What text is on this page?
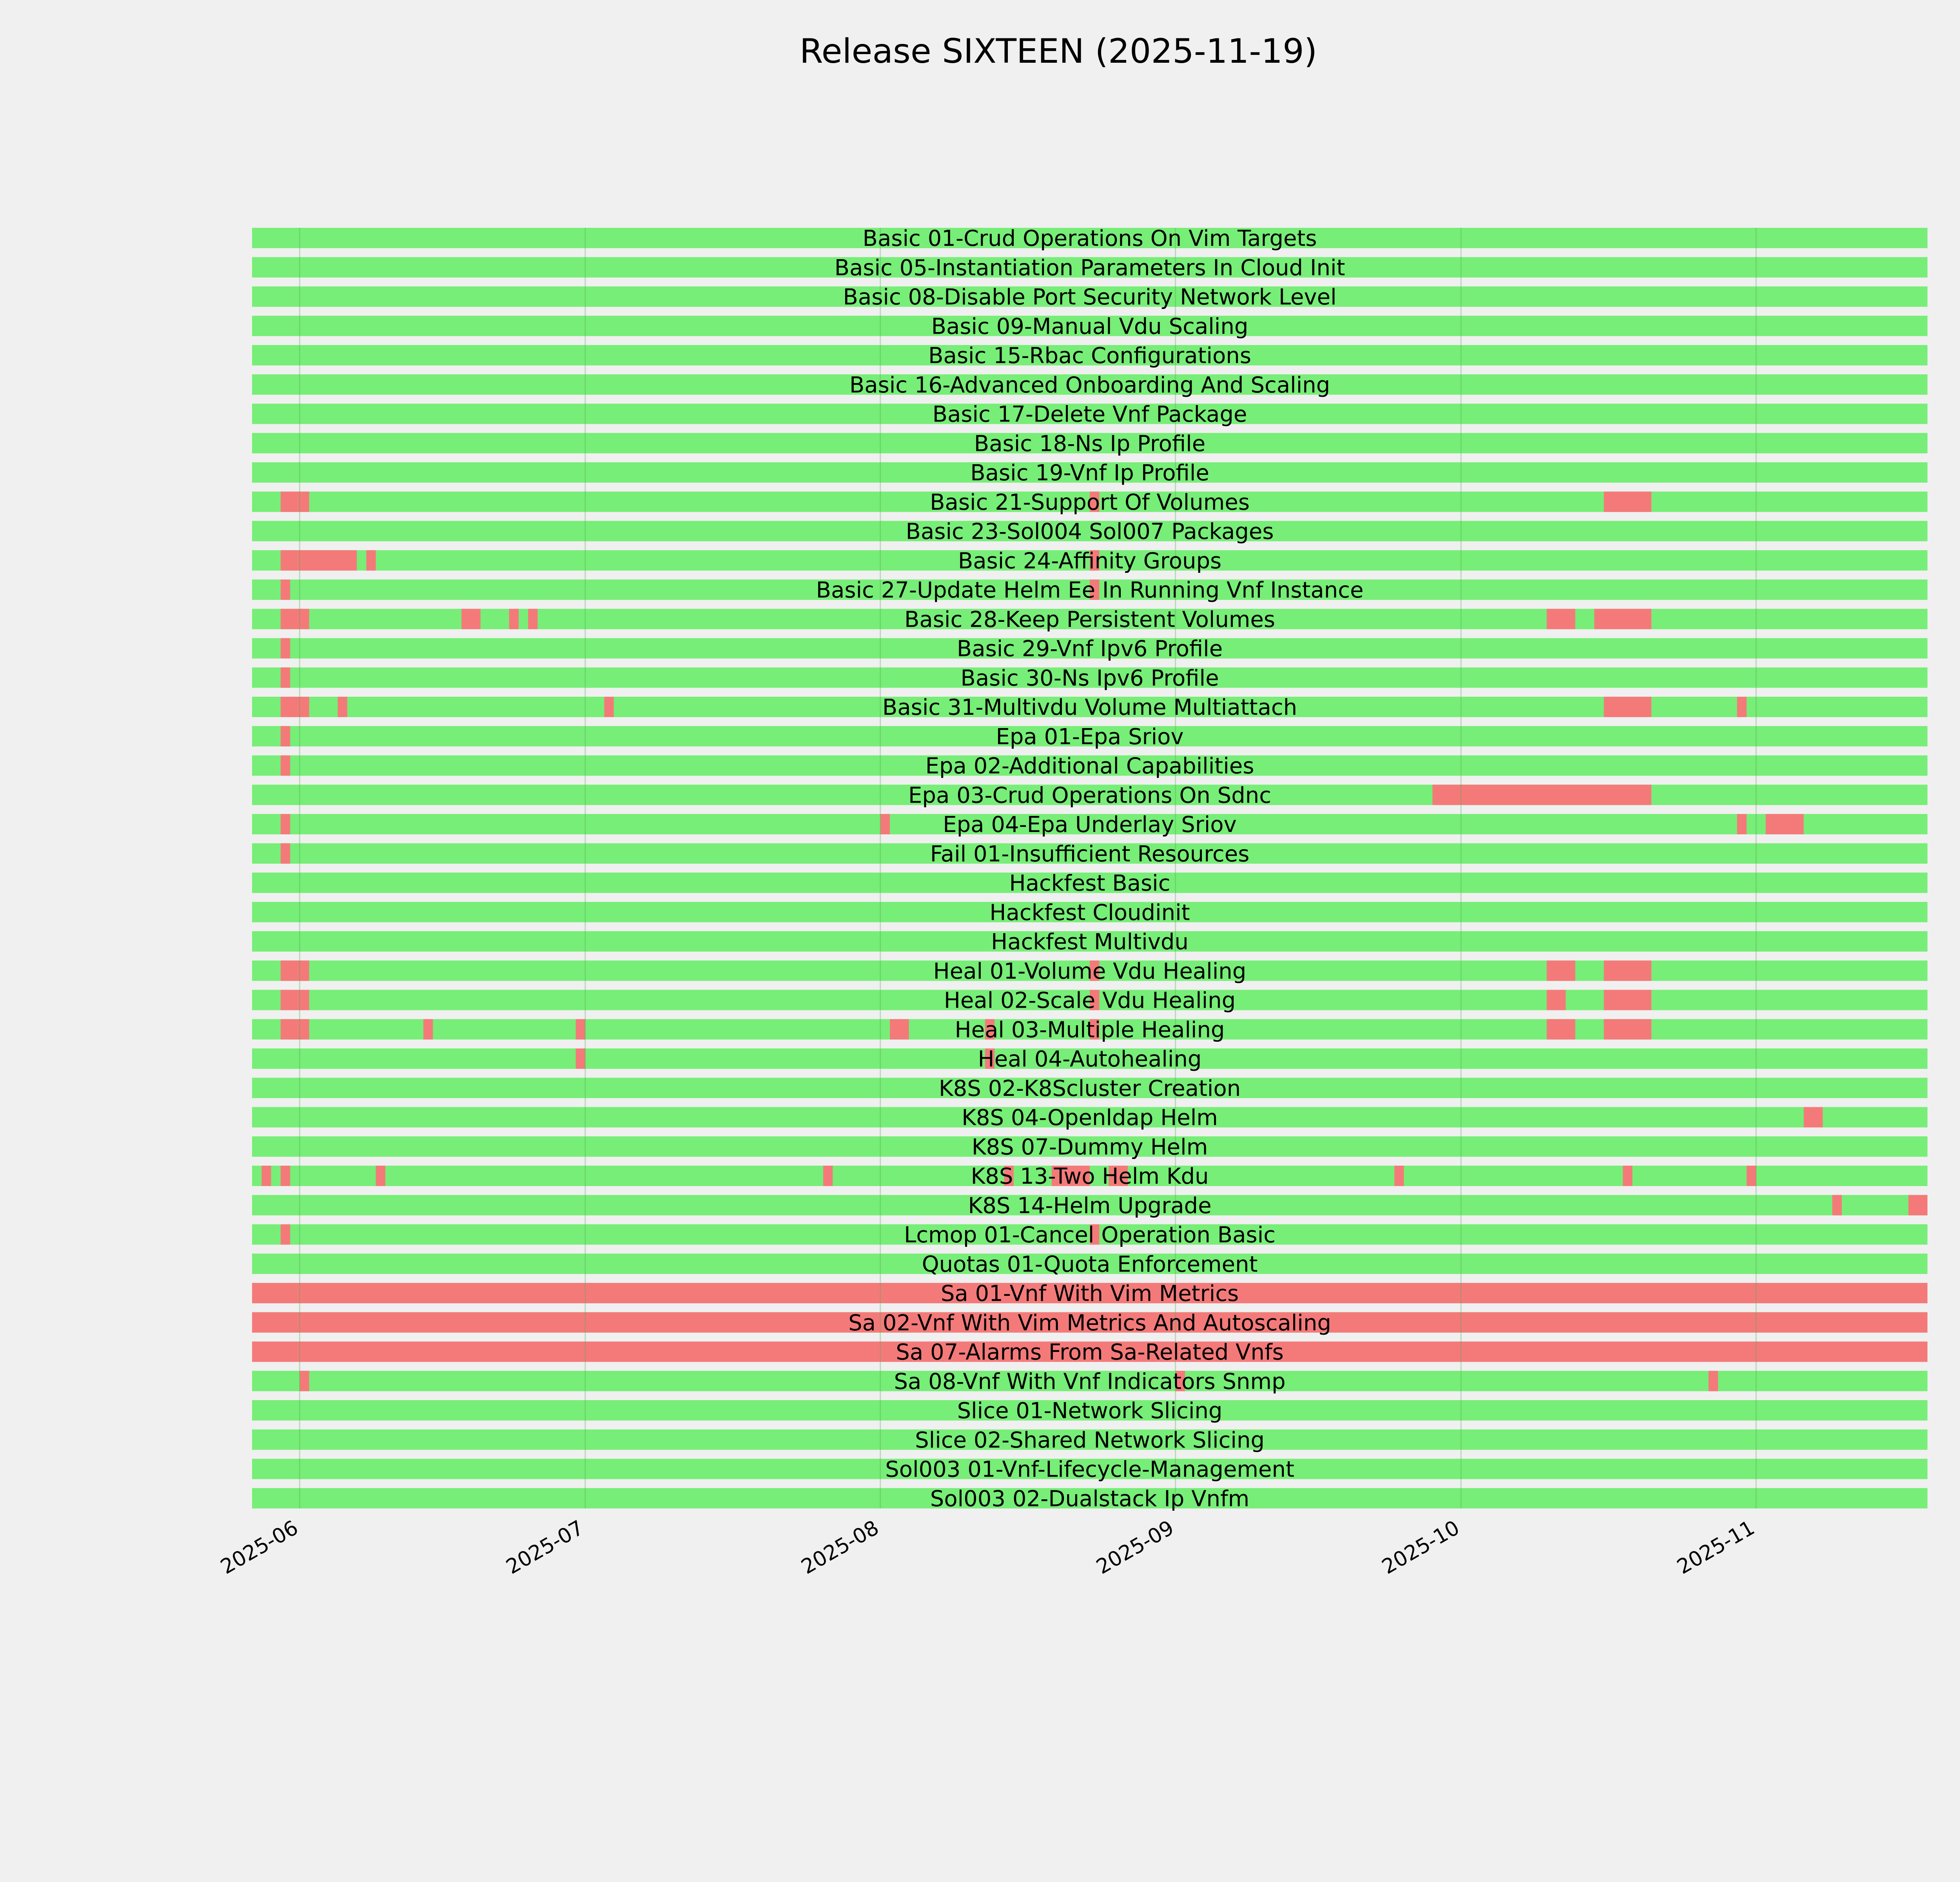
Release SIXTEEN (2025-11-19)
Basic 01-Crud Operations On Vim Targets
Basic 05-Instantiation Parameters In Cloud Init
Basic 08-Disable Port Security Network Level
Basic 09-Manual Vdu Scaling
Basic 15-Rbac Configurations
Basic 16-Advanced Onboarding And Scaling
Basic 17-Delete Vnf Package
Basic 18-Ns Ip Profile
Basic 19-Vnf Ip Profile
Basic 21-Support Of Volumes
Basic 23-Sol004 Sol007 Packages
Basic 24-Affinity Groups
Basic 27-Update Helm Ee In Running Vnf Instance
Basic 28-Keep Persistent Volumes
Basic 29-Vnf Ipv6 Profile
Basic 30-Ns Ipv6 Profile
Basic 31-Multivdu Volume Multiattach
Epa 01-Epa Sriov
Epa 02-Additional Capabilities
Epa 03-Crud Operations On Sdnc
Epa 04-Epa Underlay Sriov
Fail 01-Insufficient Resources
Hackfest Basic
Hackfest Cloudinit
Hackfest Multivdu
Heal 01-Volume Vdu Healing
Heal 02-Scale Vdu Healing
Heal 03-Multiple Healing
Heal 04-Autohealing
K8S 02-K8Scluster Creation
K8S 04-Openldap Helm
K8S 07-Dummy Helm
K8S 13-Two Helm Kdu
K8S 14-Helm Upgrade
Lcmop 01-Cancel Operation Basic
Quotas 01-Quota Enforcement
Sa 01-Vnf With Vim Metrics
Sa 02-Vnf With Vim Metrics And Autoscaling
Sa 07-Alarms From Sa-Related Vnfs
Sa 08-Vnf With Vnf Indicators Snmp
Slice 01-Network Slicing
Slice 02-Shared Network Slicing
Sol003 01-Vnf-Lifecycle-Management
Sol003 02-Dualstack Ip Vnfm
2025-06	2025-07	2025-08	2025-09	2025-10	2025-11
